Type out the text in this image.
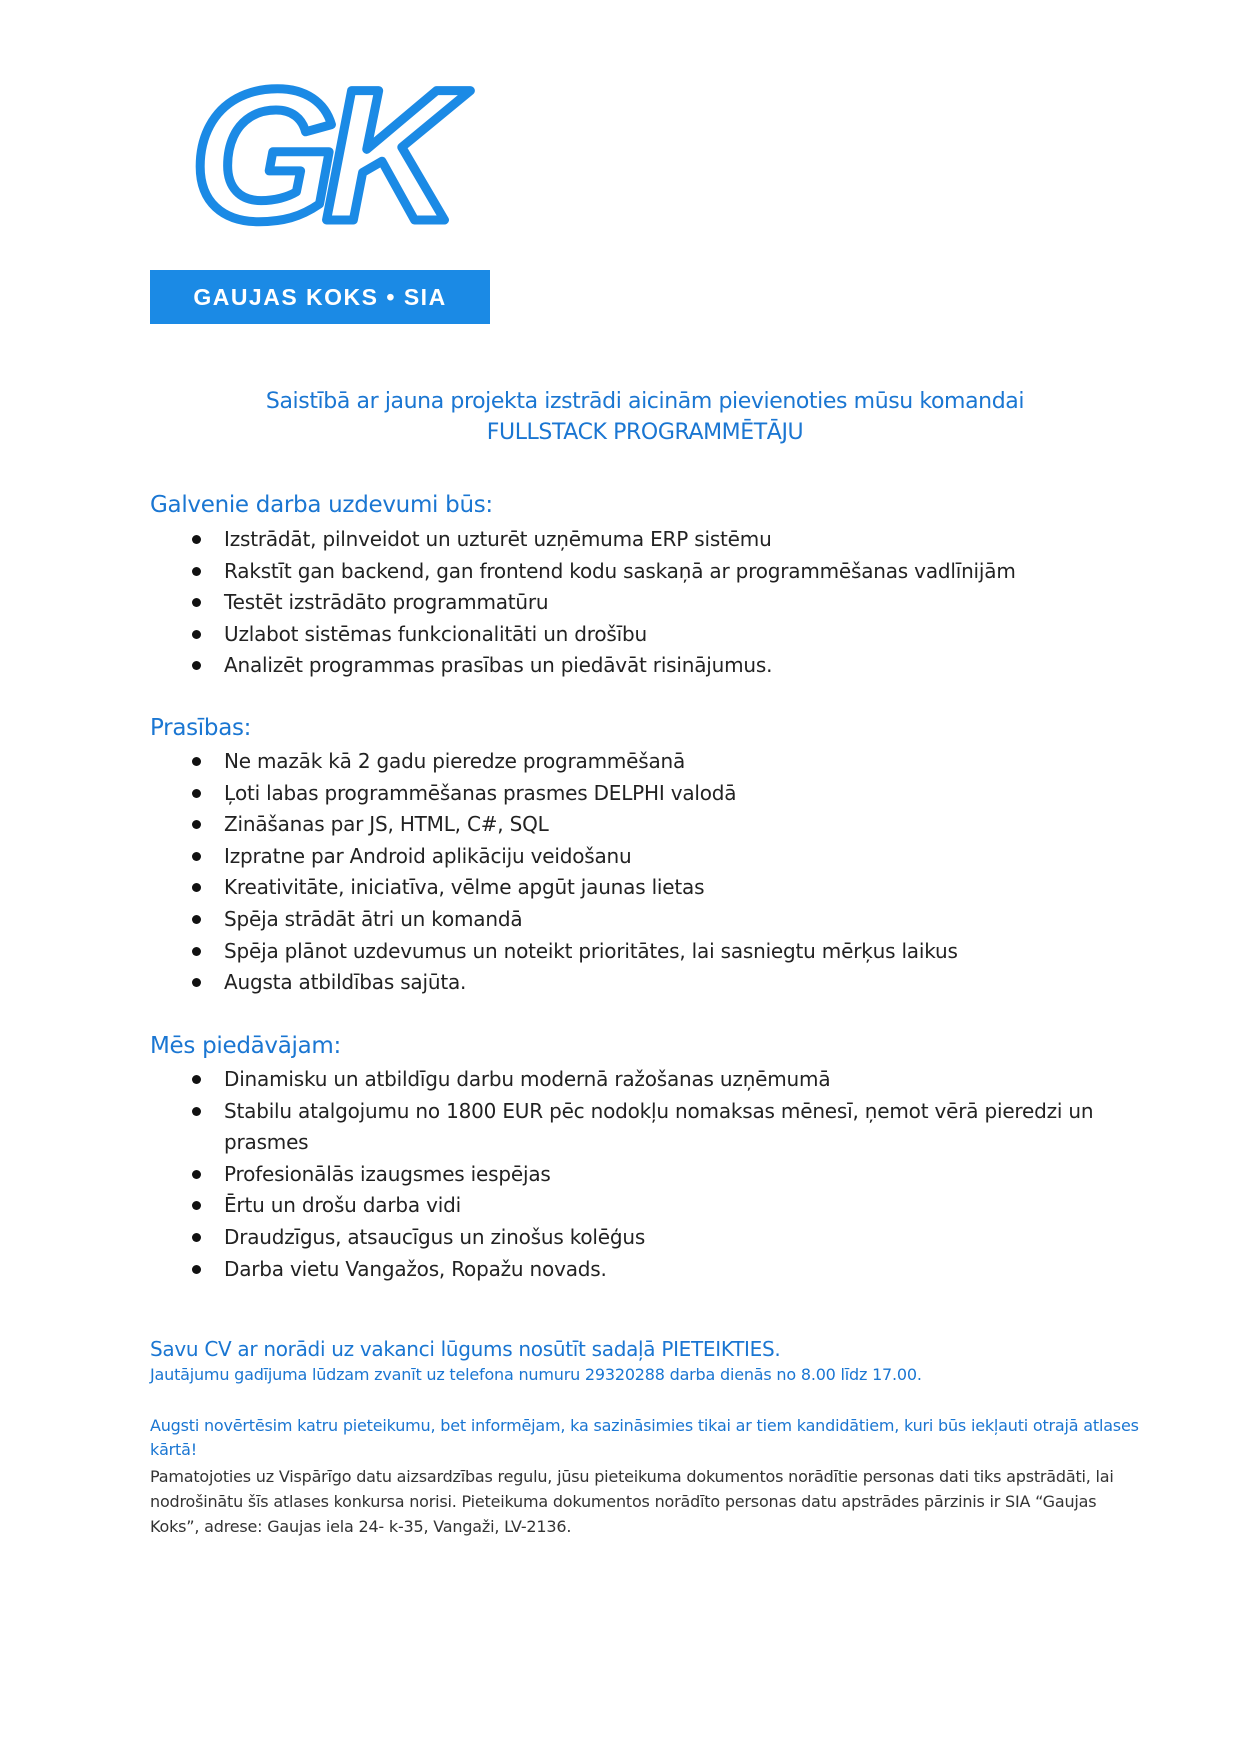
GK
GAUJAS KOKS • SIA
Saistībā ar jauna projekta izstrādi aicinām pievienoties mūsu komandai
FULLSTACK PROGRAMMĒTĀJU
Galvenie darba uzdevumi būs:
Izstrādāt, pilnveidot un uzturēt uzņēmuma ERP sistēmu
Rakstīt gan backend, gan frontend kodu saskaņā ar programmēšanas vadlīnijām
Testēt izstrādāto programmatūru
Uzlabot sistēmas funkcionalitāti un drošību
Analizēt programmas prasības un piedāvāt risinājumus.
Prasības:
Ne mazāk kā 2 gadu pieredze programmēšanā
Ļoti labas programmēšanas prasmes DELPHI valodā
Zināšanas par JS, HTML, C#, SQL
Izpratne par Android aplikāciju veidošanu
Kreativitāte, iniciatīva, vēlme apgūt jaunas lietas
Spēja strādāt ātri un komandā
Spēja plānot uzdevumus un noteikt prioritātes, lai sasniegtu mērķus laikus
Augsta atbildības sajūta.
Mēs piedāvājam:
Dinamisku un atbildīgu darbu modernā ražošanas uzņēmumā
Stabilu atalgojumu no 1800 EUR pēc nodokļu nomaksas mēnesī, ņemot vērā pieredzi un prasmes
Profesionālās izaugsmes iespējas
Ērtu un drošu darba vidi
Draudzīgus, atsaucīgus un zinošus kolēģus
Darba vietu Vangažos, Ropažu novads.
Savu CV ar norādi uz vakanci lūgums nosūtīt sadaļā PIETEIKTIES.
Jautājumu gadījuma lūdzam zvanīt uz telefona numuru 29320288 darba dienās no 8.00 līdz 17.00.
Augsti novērtēsim katru pieteikumu, bet informējam, ka sazināsimies tikai ar tiem kandidātiem, kuri būs iekļauti otrajā atlases kārtā!
Pamatojoties uz Vispārīgo datu aizsardzības regulu, jūsu pieteikuma dokumentos norādītie personas dati tiks apstrādāti, lai nodrošinātu šīs atlases konkursa norisi. Pieteikuma dokumentos norādīto personas datu apstrādes pārzinis ir SIA “Gaujas Koks”, adrese: Gaujas iela 24- k-35, Vangaži, LV-2136.
